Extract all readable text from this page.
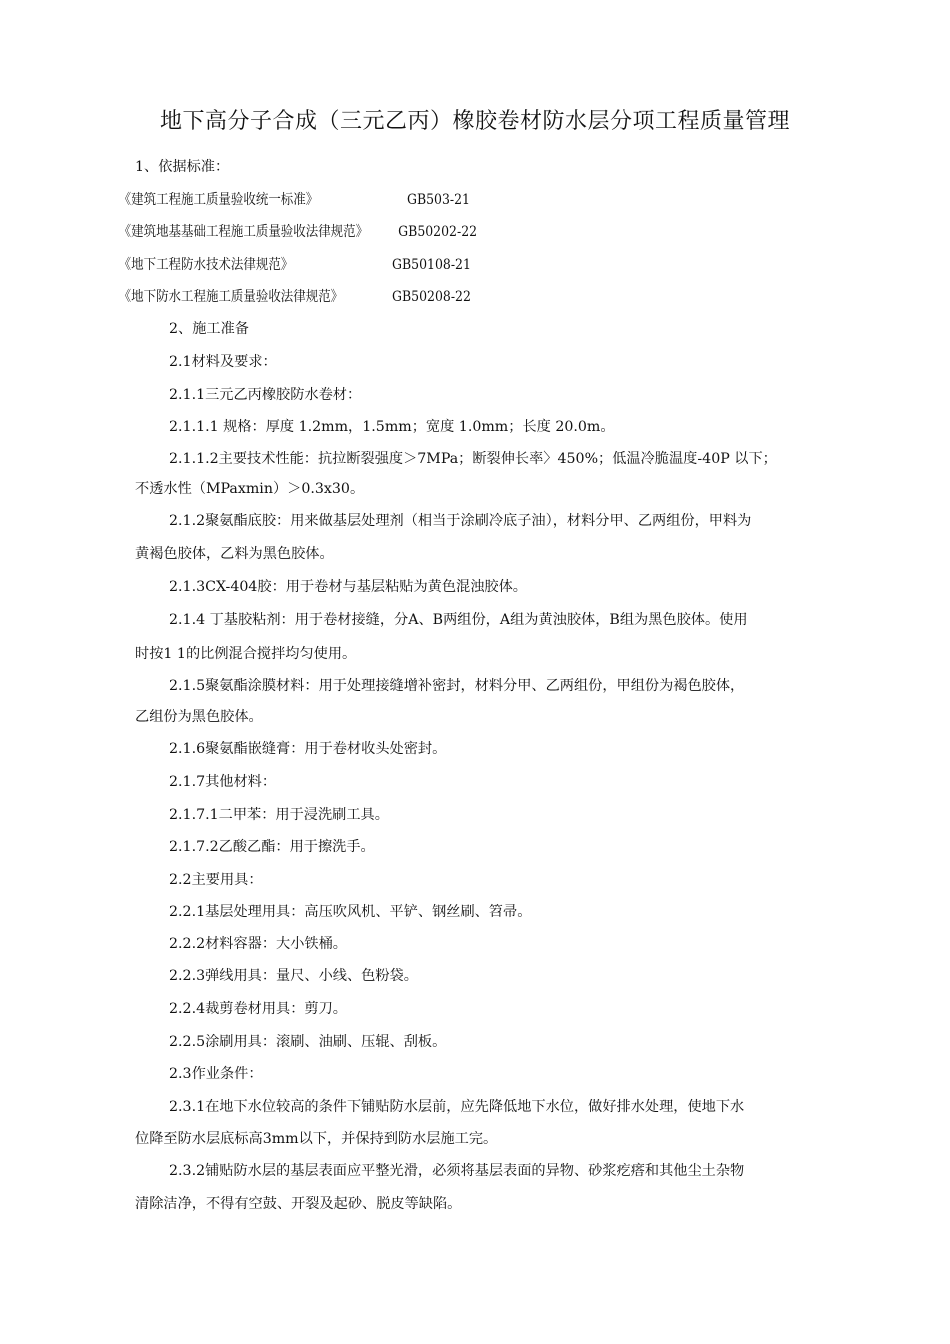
地下高分子合成（三元乙丙）橡胶卷材防水层分项工程质量管理
1、依据标准：
《建筑工程施工质量验收统一标准》	GB503-21
《建筑地基基础工程施工质量验收法律规范》 GB50202-22
《地下工程防水技术法律规范》	GB50108-21
《地下防水工程施工质量验收法律规范》	GB50208-22
2、施工准备
2.1材料及要求：
2.1.1三元乙丙橡胶防水卷材：
2.1.1.1 规格：厚度 1.2mm，1.5mm；宽度 1.0mm；长度 20.0m。
2.1.1.2主要技术性能：抗拉断裂强度＞7MPa；断裂伸长率〉450%；低温冷脆温度-40P 以下；
不透水性（MPaxmin）＞0.3x30。
2.1.2聚氨酯底胶：用来做基层处理剂（相当于涂刷冷底子油），材料分甲、乙两组份，甲料为
黄褐色胶体，乙料为黑色胶体。
2.1.3CX-404胶：用于卷材与基层粘贴为黄色混浊胶体。
2.1.4 丁基胶粘剂：用于卷材接缝，分A、B两组份，A组为黄浊胶体，B组为黑色胶体。使用
时按1 1的比例混合搅拌均匀使用。
2.1.5聚氨酯涂膜材料：用于处理接缝增补密封，材料分甲、乙两组份，甲组份为褐色胶体，
乙组份为黑色胶体。
2.1.6聚氨酯嵌缝膏：用于卷材收头处密封。
2.1.7其他材料：
2.1.7.1二甲苯：用于浸洗刷工具。
2.1.7.2乙酸乙酯：用于擦洗手。
2.2主要用具：
2.2.1基层处理用具：高压吹风机、平铲、钢丝刷、笤帚。
2.2.2材料容器：大小铁桶。
2.2.3弹线用具：量尺、小线、色粉袋。
2.2.4裁剪卷材用具：剪刀。
2.2.5涂刷用具：滚刷、油刷、压辊、刮板。
2.3作业条件：
2.3.1在地下水位较高的条件下铺贴防水层前，应先降低地下水位，做好排水处理，使地下水
位降至防水层底标高3mm以下，并保持到防水层施工完。
2.3.2铺贴防水层的基层表面应平整光滑，必须将基层表面的异物、砂浆疙瘩和其他尘土杂物
清除洁净，不得有空鼓、开裂及起砂、脱皮等缺陷。
